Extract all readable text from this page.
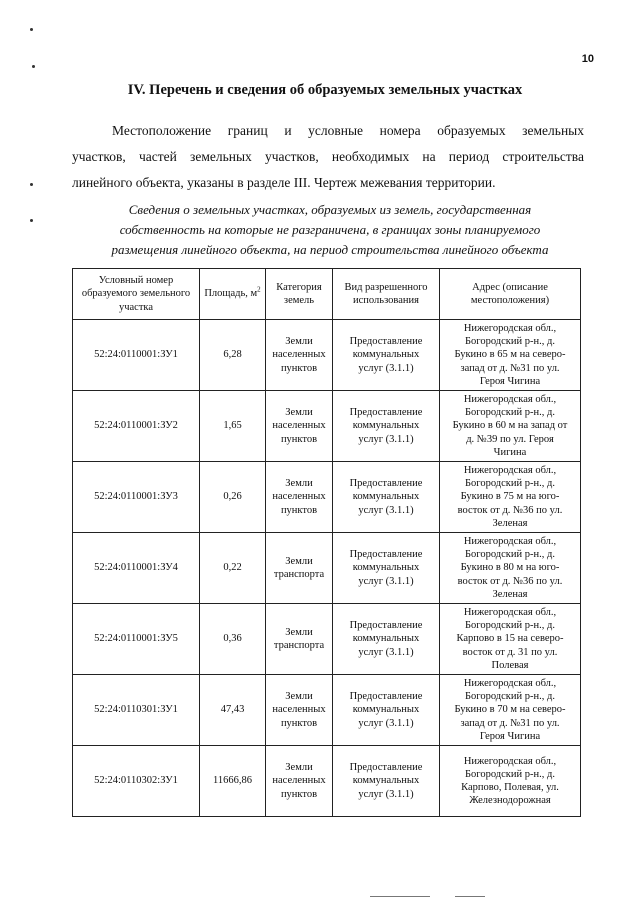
10
IV. Перечень и сведения об образуемых земельных участках

Местоположение границ и условные номера образуемых земельных
участков, частей земельных участков, необходимых на период строительства
линейного объекта, указаны в разделе III. Чертеж межевания территории.

Сведения о земельных участках, образуемых из земель, государственная
собственность на которые не разграничена, в границах зоны планируемого
размещения линейного объекта, на период строительства линейного объекта

Условный номер образуемого земельного участка	Площадь, $м^2$	Категория земель	Вид разрешенного использования	Адрес (описание местоположения)
52:24:0110001:ЗУ1	6,28	Земли
населенных
пунктов	Предоставление
коммунальных
услуг (3.1.1)	Нижегородская обл.,
Богородский р-н., д.
Букино в 65 м на северо-
запад от д. №31 по ул.
Героя Чигина

52:24:0110001:ЗУ2	1,65	Земли
населенных
пунктов	Предоставление
коммунальных
услуг (3.1.1)	Нижегородская обл.,
Богородский р-н., д.
Букино в 60 м на запад от
д. №39 по ул. Героя
Чигина

52:24:0110001:ЗУ3	0,26	Земли
населенных
пунктов	Предоставление
коммунальных
услуг (3.1.1)	Нижегородская обл.,
Богородский р-н., д.
Букино в 75 м на юго-
восток от д. №36 по ул.
Зеленая

52:24:0110001:ЗУ4	0,22	Земли
транспорта	Предоставление
коммунальных
услуг (3.1.1)	Нижегородская обл.,
Богородский р-н., д.
Букино в 80 м на юго-
восток от д. №36 по ул.
Зеленая

52:24:0110001:ЗУ5	0,36	Земли
транспорта	Предоставление
коммунальных
услуг (3.1.1)	Нижегородская обл.,
Богородский р-н., д.
Карпово в 15 на северо-
восток от д. 31 по ул.
Полевая

52:24:0110301:ЗУ1	47,43	Земли
населенных
пунктов	Предоставление
коммунальных
услуг (3.1.1)	Нижегородская обл.,
Богородский р-н., д.
Букино в 70 м на северо-
запад от д. №31 по ул.
Героя Чигина

52:24:0110302:ЗУ1	11666,86	Земли
населенных
пунктов	Предоставление
коммунальных
услуг (3.1.1)	Нижегородская обл.,
Богородский р-н., д.
Карпово, Полевая, ул.
Железнодорожная
